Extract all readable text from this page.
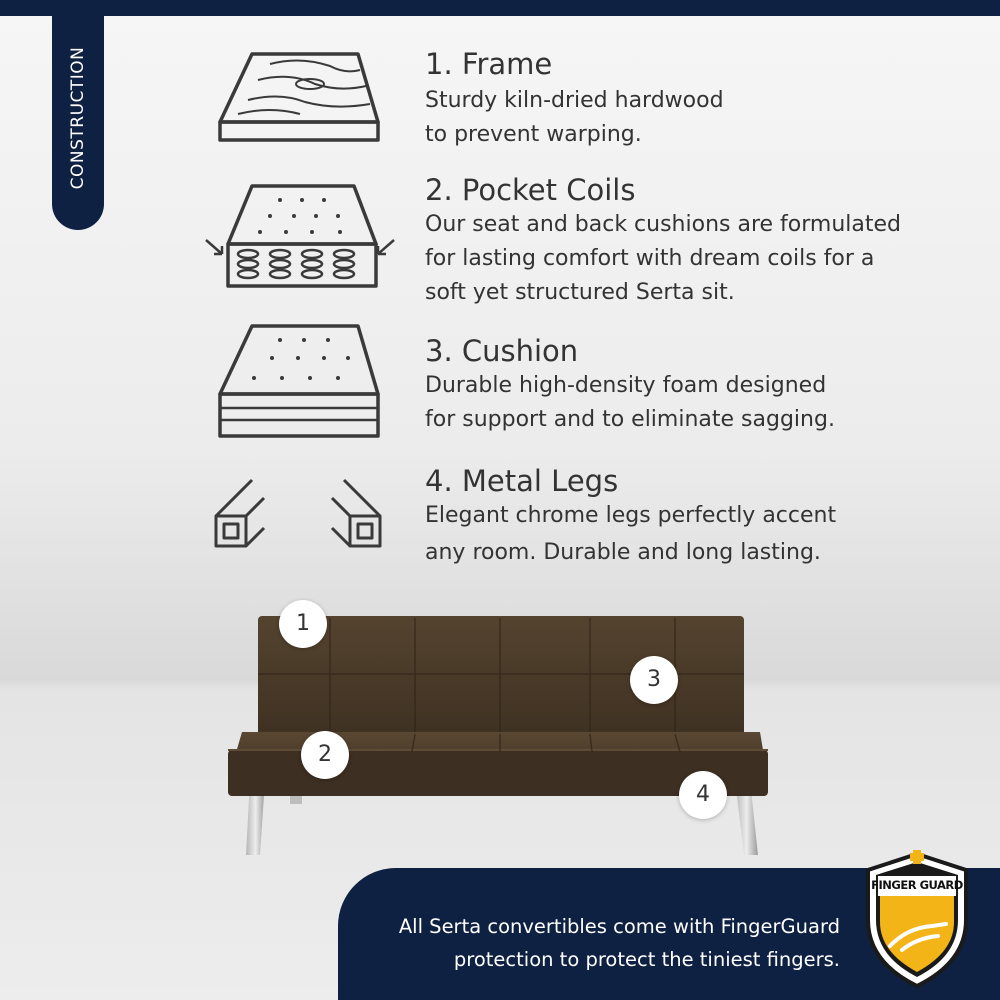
CONSTRUCTION	1. Frame

Sturdy kiln-dried hardwood

to prevent warping.

2. Pocket Coils

Our seat and back cushions are formulated

for lasting comfort with dream coils for a

soft yet structured Serta sit.

3. Cushion

Durable high-density foam designed

for support and to eliminate sagging.

4. Metal Legs

Elegant chrome legs perfectly accent

any room. Durable and long lasting.

1
2
3
4
All Serta convertibles come with FingerGuard
protection to protect the tiniest fingers.
FINGER GUARD
